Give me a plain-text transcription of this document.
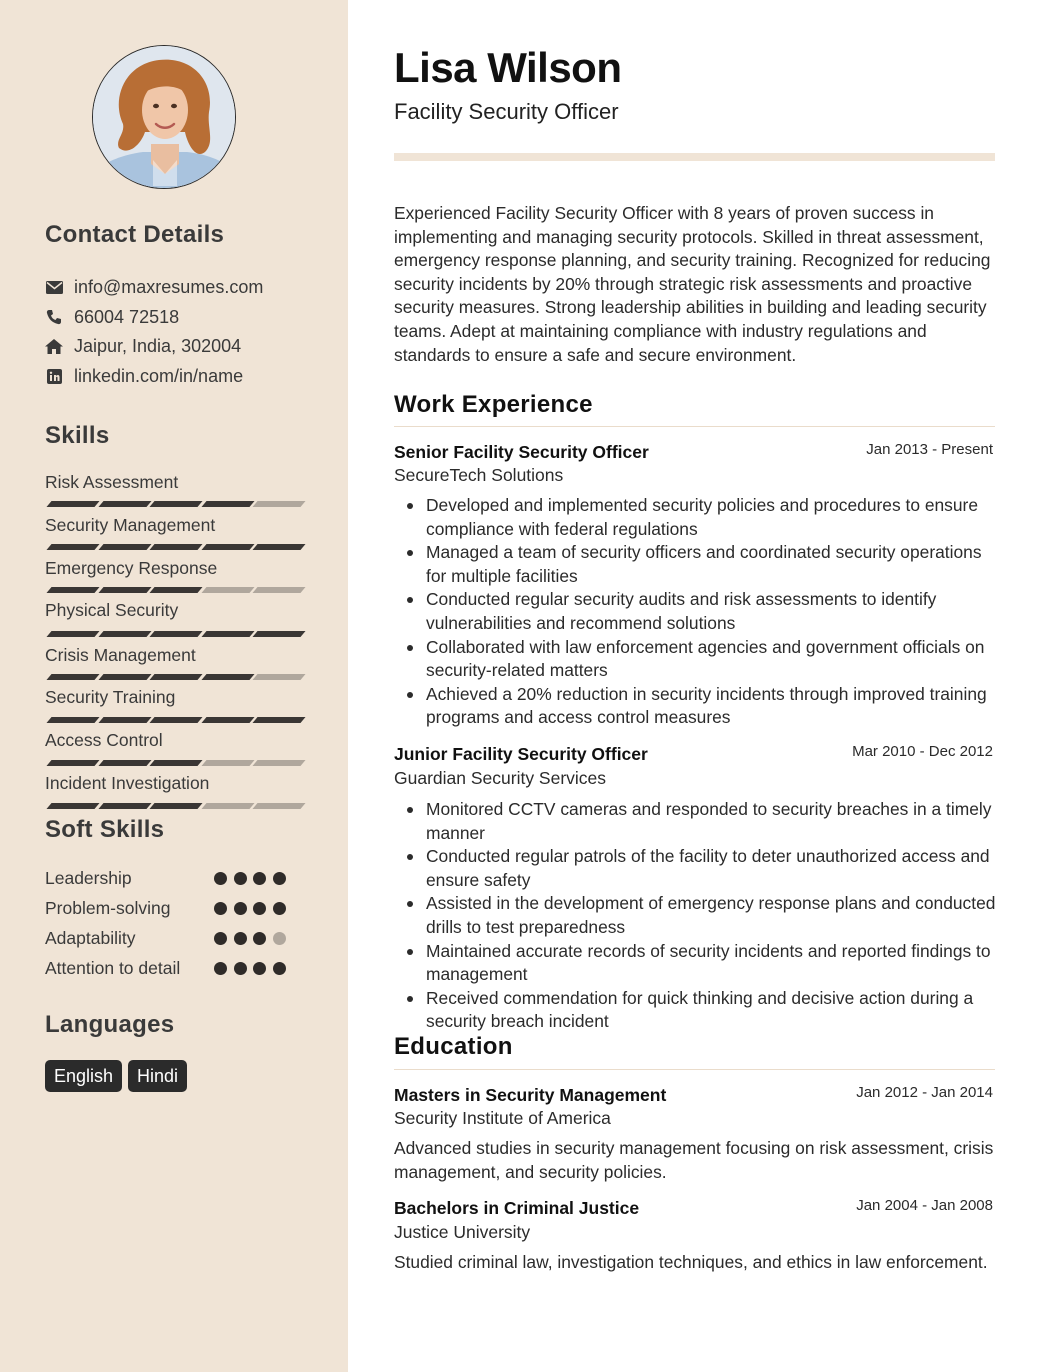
Contact Details
info@maxresumes.com
66004 72518
Jaipur, India, 302004
linkedin.com/in/name
Skills
Risk Assessment
Security Management
Emergency Response
Physical Security
Crisis Management
Security Training
Access Control
Incident Investigation
Soft Skills
Leadership
Problem-solving
Adaptability
Attention to detail
Languages
English	Hindi
Lisa Wilson
Facility Security Officer
Experienced Facility Security Officer with 8 years of proven success in implementing and managing security protocols. Skilled in threat assessment, emergency response planning, and security training. Recognized for reducing security incidents by 20% through strategic risk assessments and proactive security measures. Strong leadership abilities in building and leading security teams. Adept at maintaining compliance with industry regulations and standards to ensure a safe and secure environment.
Work Experience
Senior Facility Security Officer	Jan 2013 - Present
SecureTech Solutions
Developed and implemented security policies and procedures to ensure compliance with federal regulations
Managed a team of security officers and coordinated security operations for multiple facilities
Conducted regular security audits and risk assessments to identify vulnerabilities and recommend solutions
Collaborated with law enforcement agencies and government officials on security-related matters
Achieved a 20% reduction in security incidents through improved training programs and access control measures
Junior Facility Security Officer	Mar 2010 - Dec 2012
Guardian Security Services
Monitored CCTV cameras and responded to security breaches in a timely manner
Conducted regular patrols of the facility to deter unauthorized access and ensure safety
Assisted in the development of emergency response plans and conducted drills to test preparedness
Maintained accurate records of security incidents and reported findings to management
Received commendation for quick thinking and decisive action during a security breach incident
Education
Masters in Security Management	Jan 2012 - Jan 2014
Security Institute of America
Advanced studies in security management focusing on risk assessment, crisis management, and security policies.
Bachelors in Criminal Justice	Jan 2004 - Jan 2008
Justice University
Studied criminal law, investigation techniques, and ethics in law enforcement.
